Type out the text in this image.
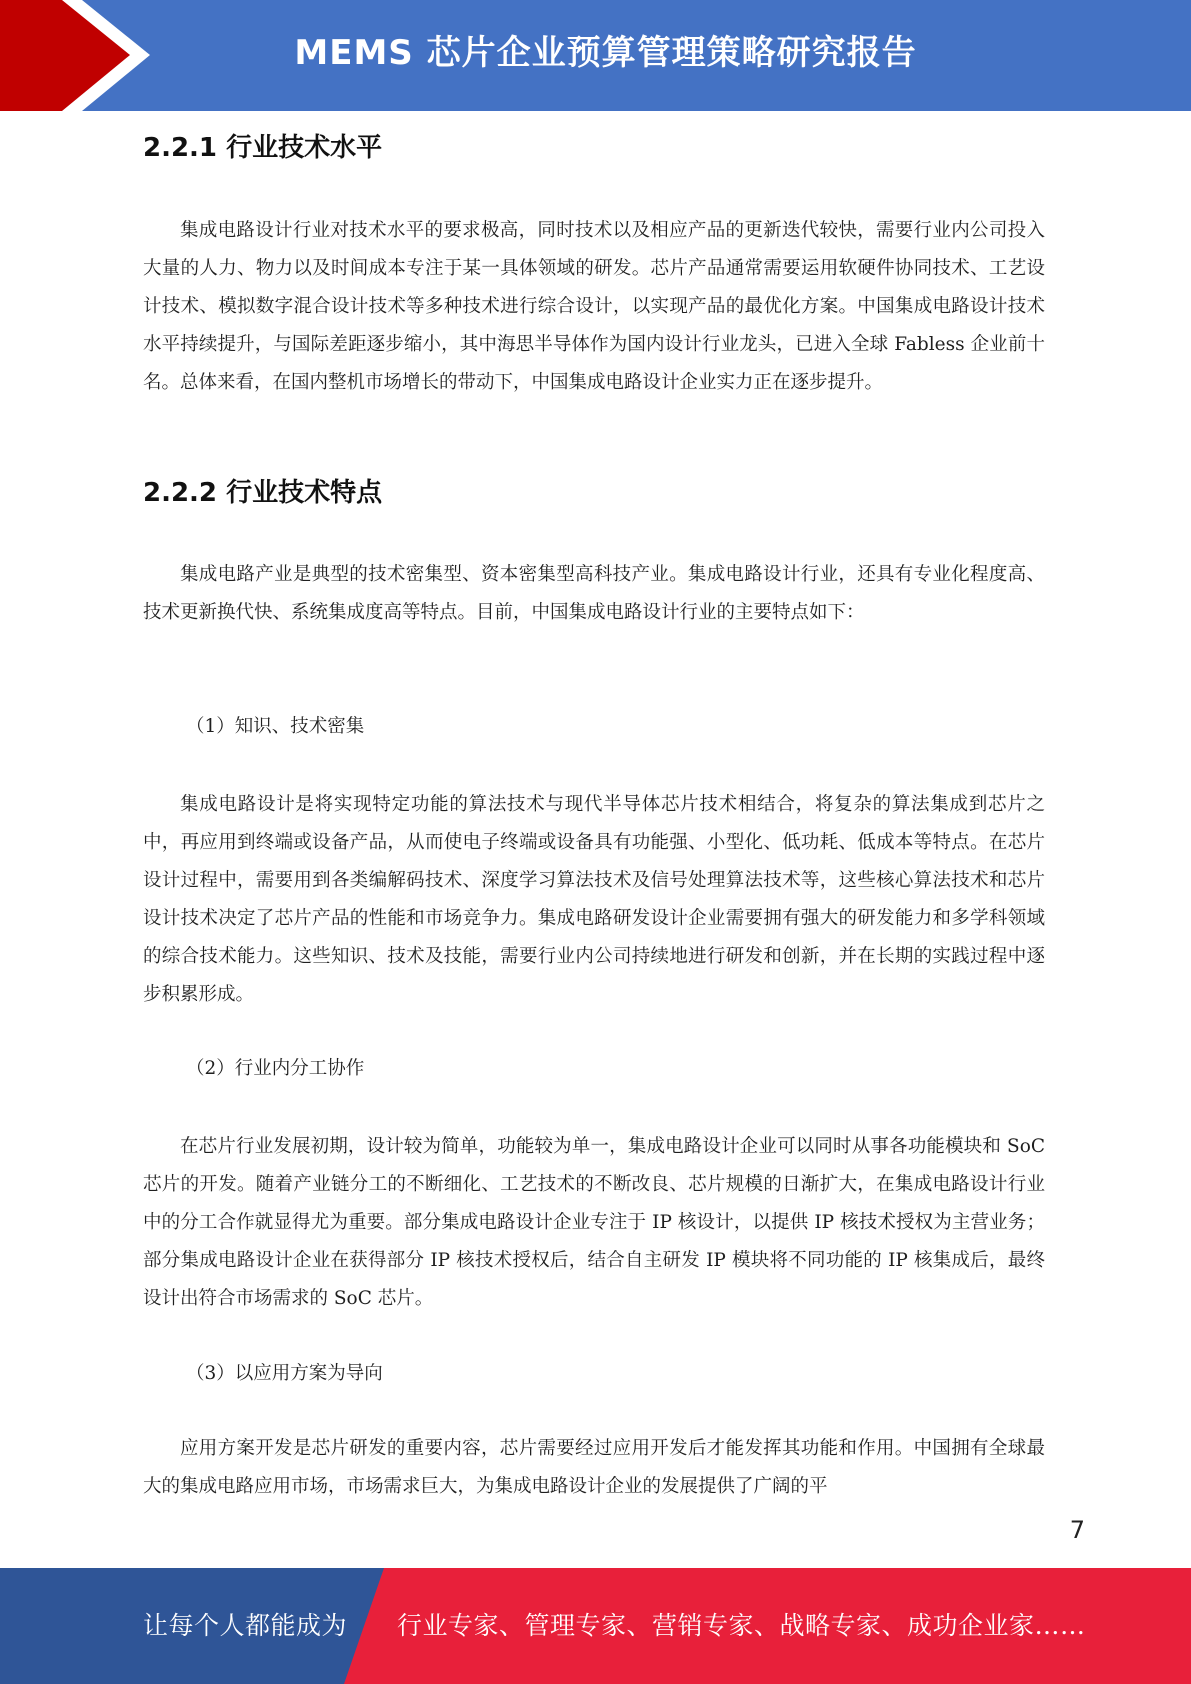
MEMS 芯片企业预算管理策略研究报告
2.2.1 行业技术水平

集成电路设计行业对技术水平的要求极高，同时技术以及相应产品的更新迭代较快，需要行业内公司投入大量的人力、物力以及时间成本专注于某一具体领域的研发。芯片产品通常需要运用软硬件协同技术、工艺设计技术、模拟数字混合设计技术等多种技术进行综合设计，以实现产品的最优化方案。中国集成电路设计技术水平持续提升，与国际差距逐步缩小，其中海思半导体作为国内设计行业龙头，已进入全球 Fabless 企业前十名。总体来看，在国内整机市场增长的带动下，中国集成电路设计企业实力正在逐步提升。

2.2.2 行业技术特点

集成电路产业是典型的技术密集型、资本密集型高科技产业。集成电路设计行业，还具有专业化程度高、技术更新换代快、系统集成度高等特点。目前，中国集成电路设计行业的主要特点如下：

（1）知识、技术密集

集成电路设计是将实现特定功能的算法技术与现代半导体芯片技术相结合，将复杂的算法集成到芯片之中，再应用到终端或设备产品，从而使电子终端或设备具有功能强、小型化、低功耗、低成本等特点。在芯片设计过程中，需要用到各类编解码技术、深度学习算法技术及信号处理算法技术等，这些核心算法技术和芯片设计技术决定了芯片产品的性能和市场竞争力。集成电路研发设计企业需要拥有强大的研发能力和多学科领域的综合技术能力。这些知识、技术及技能，需要行业内公司持续地进行研发和创新，并在长期的实践过程中逐步积累形成。

（2）行业内分工协作

在芯片行业发展初期，设计较为简单，功能较为单一，集成电路设计企业可以同时从事各功能模块和 SoC 芯片的开发。随着产业链分工的不断细化、工艺技术的不断改良、芯片规模的日渐扩大，在集成电路设计行业中的分工合作就显得尤为重要。部分集成电路设计企业专注于 IP 核设计，以提供 IP 核技术授权为主营业务；部分集成电路设计企业在获得部分 IP 核技术授权后，结合自主研发 IP 模块将不同功能的 IP 核集成后，最终设计出符合市场需求的 SoC 芯片。

（3）以应用方案为导向

应用方案开发是芯片研发的重要内容，芯片需要经过应用开发后才能发挥其功能和作用。中国拥有全球最大的集成电路应用市场，市场需求巨大，为集成电路设计企业的发展提供了广阔的平

7
让每个人都能成为 行业专家、管理专家、营销专家、战略专家、成功企业家……
